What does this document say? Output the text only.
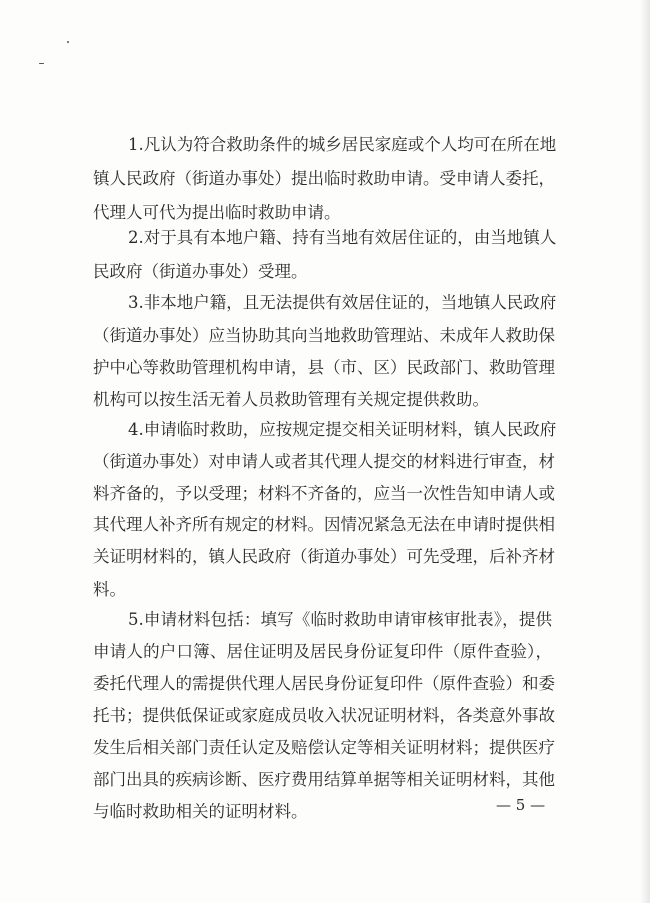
1.凡认为符合救助条件的城乡居民家庭或个人均可在所在地
镇人民政府（街道办事处）提出临时救助申请。受申请人委托，
代理人可代为提出临时救助申请。
2.对于具有本地户籍、持有当地有效居住证的，由当地镇人
民政府（街道办事处）受理。
3.非本地户籍，且无法提供有效居住证的，当地镇人民政府
（街道办事处）应当协助其向当地救助管理站、未成年人救助保
护中心等救助管理机构申请，县（市、区）民政部门、救助管理
机构可以按生活无着人员救助管理有关规定提供救助。
4.申请临时救助，应按规定提交相关证明材料，镇人民政府
（街道办事处）对申请人或者其代理人提交的材料进行审查，材
料齐备的，予以受理；材料不齐备的，应当一次性告知申请人或
其代理人补齐所有规定的材料。因情况紧急无法在申请时提供相
关证明材料的，镇人民政府（街道办事处）可先受理，后补齐材
料。
5.申请材料包括：填写《临时救助申请审核审批表》，提供
申请人的户口簿、居住证明及居民身份证复印件（原件查验），
委托代理人的需提供代理人居民身份证复印件（原件查验）和委
托书；提供低保证或家庭成员收入状况证明材料，各类意外事故
发生后相关部门责任认定及赔偿认定等相关证明材料；提供医疗
部门出具的疾病诊断、医疗费用结算单据等相关证明材料，其他
与临时救助相关的证明材料。	— 5 —
